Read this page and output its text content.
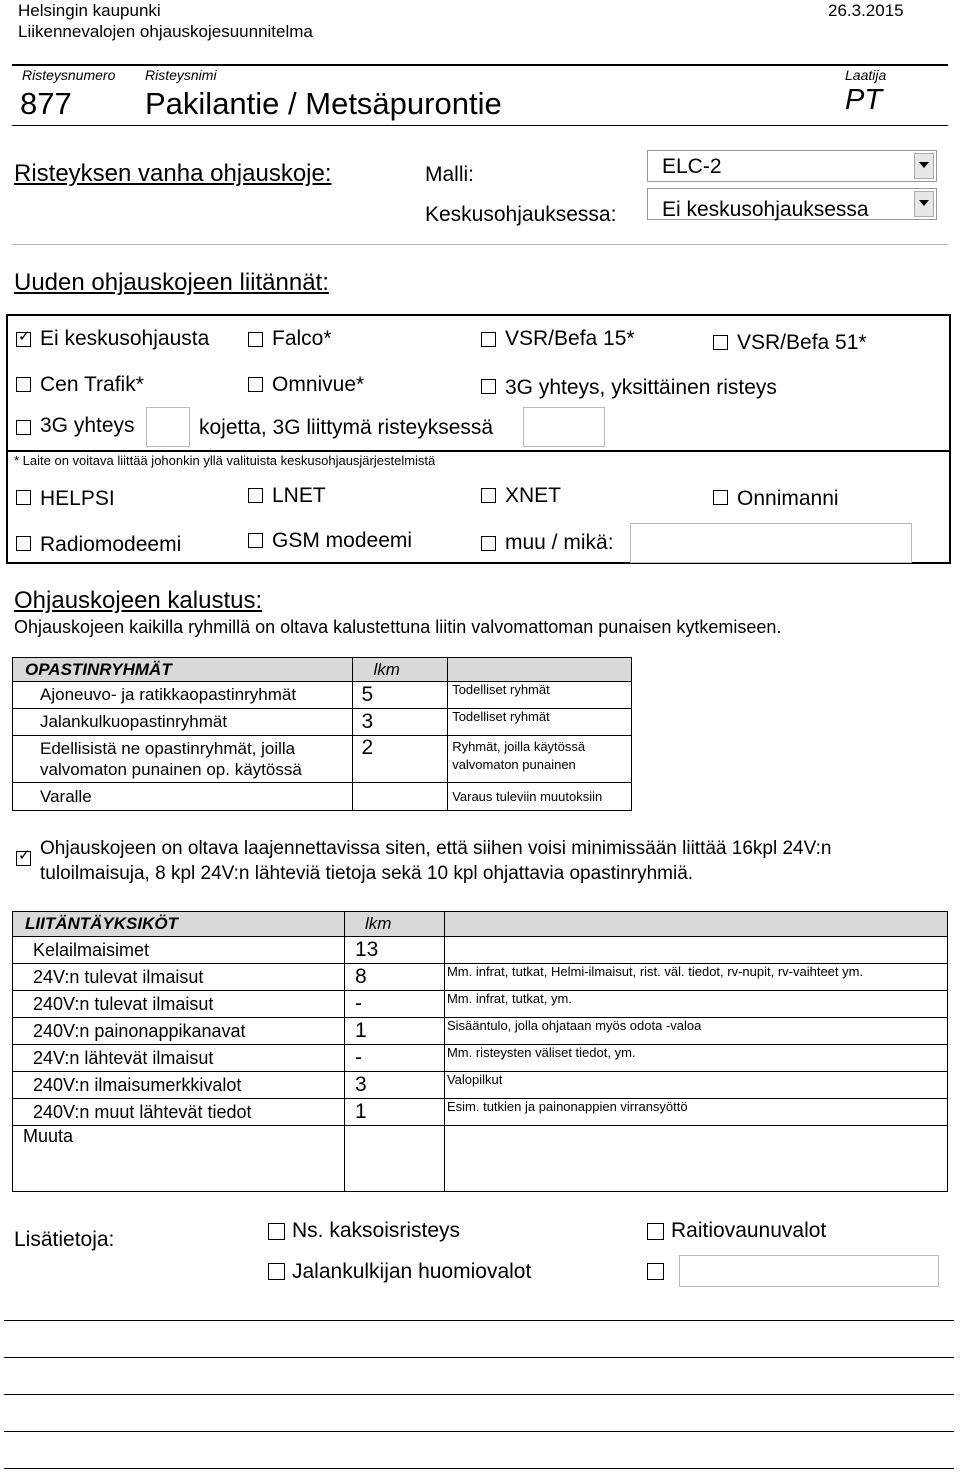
Helsingin kaupunki
Liikennevalojen ohjauskojesuunnitelma
26.3.2015
Risteysnumero Risteysnimi	Laatija
877 Pakilantie / Metsäpurontie	PT
Risteyksen vanha ohjauskoje:	Malli:	ELC-2
Keskusohjauksessa: Ei keskusohjauksessa
Uuden ohjauskojeen liitännät:
✓ Ei keskusohjausta	Falco*	VSR/Befa 15*	VSR/Befa 51*
Cen Trafik*	Omnivue*	3G yhteys, yksittäinen risteys
3G yhteys	kojetta, 3G liittymä risteyksessä
* Laite on voitava liittää johonkin yllä valituista keskusohjausjärjestelmistä
HELPSI	LNET	XNET	Onnimanni
Radiomodeemi	GSM modeemi	muu / mikä:
Ohjauskojeen kalustus:
Ohjauskojeen kaikilla ryhmillä on oltava kalustettuna liitin valvomattoman punaisen kytkemiseen.
OPASTINRYHMÄT	lkm	
Ajoneuvo- ja ratikkaopastinryhmät	5	Todelliset ryhmät
Jalankulkuopastinryhmät	3	Todelliset ryhmät
Edellisistä ne opastinryhmät, joilla valvomaton punainen op. käytössä	2	Ryhmät, joilla käytössä valvomaton punainen
Varalle		Varaus tuleviin muutoksiin
✓ Ohjauskojeen on oltava laajennettavissa siten, että siihen voisi minimissään liittää 16kpl 24V:n tuloilmaisuja, 8 kpl 24V:n lähteviä tietoja sekä 10 kpl ohjattavia opastinryhmiä.
LIITÄNTÄYKSIKÖT	lkm	
Kelailmaisimet	13	
24V:n tulevat ilmaisut	8	Mm. infrat, tutkat, Helmi-ilmaisut, rist. väl. tiedot, rv-nupit, rv-vaihteet ym.
240V:n tulevat ilmaisut	-	Mm. infrat, tutkat, ym.
240V:n painonappikanavat	1	Sisääntulo, jolla ohjataan myös odota -valoa
24V:n lähtevät ilmaisut	-	Mm. risteysten väliset tiedot, ym.
240V:n ilmaisumerkkivalot	3	Valopilkut
240V:n muut lähtevät tiedot	1	Esim. tutkien ja painonappien virransyöttö
Muuta		
Lisätietoja:	Ns. kaksoisristeys	Raitiovaunuvalot
Jalankulkijan huomiovalot
